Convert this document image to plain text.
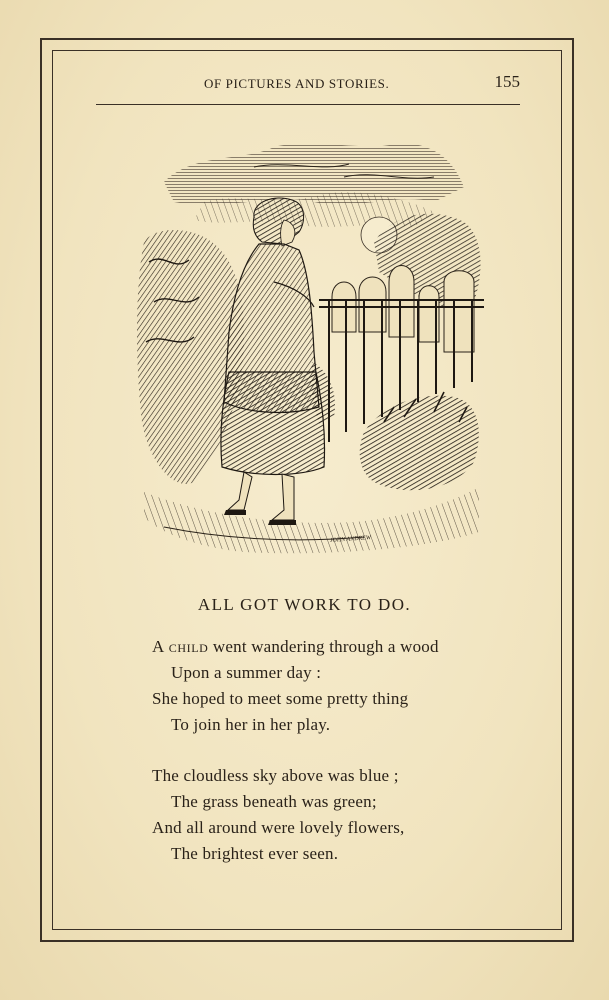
OF PICTURES AND STORIES.	155
JOHN ANDREW
ALL GOT WORK TO DO.
A child went wandering through a wood
Upon a summer day :
She hoped to meet some pretty thing
To join her in her play.
The cloudless sky above was blue ;
The grass beneath was green;
And all around were lovely flowers,
The brightest ever seen.
